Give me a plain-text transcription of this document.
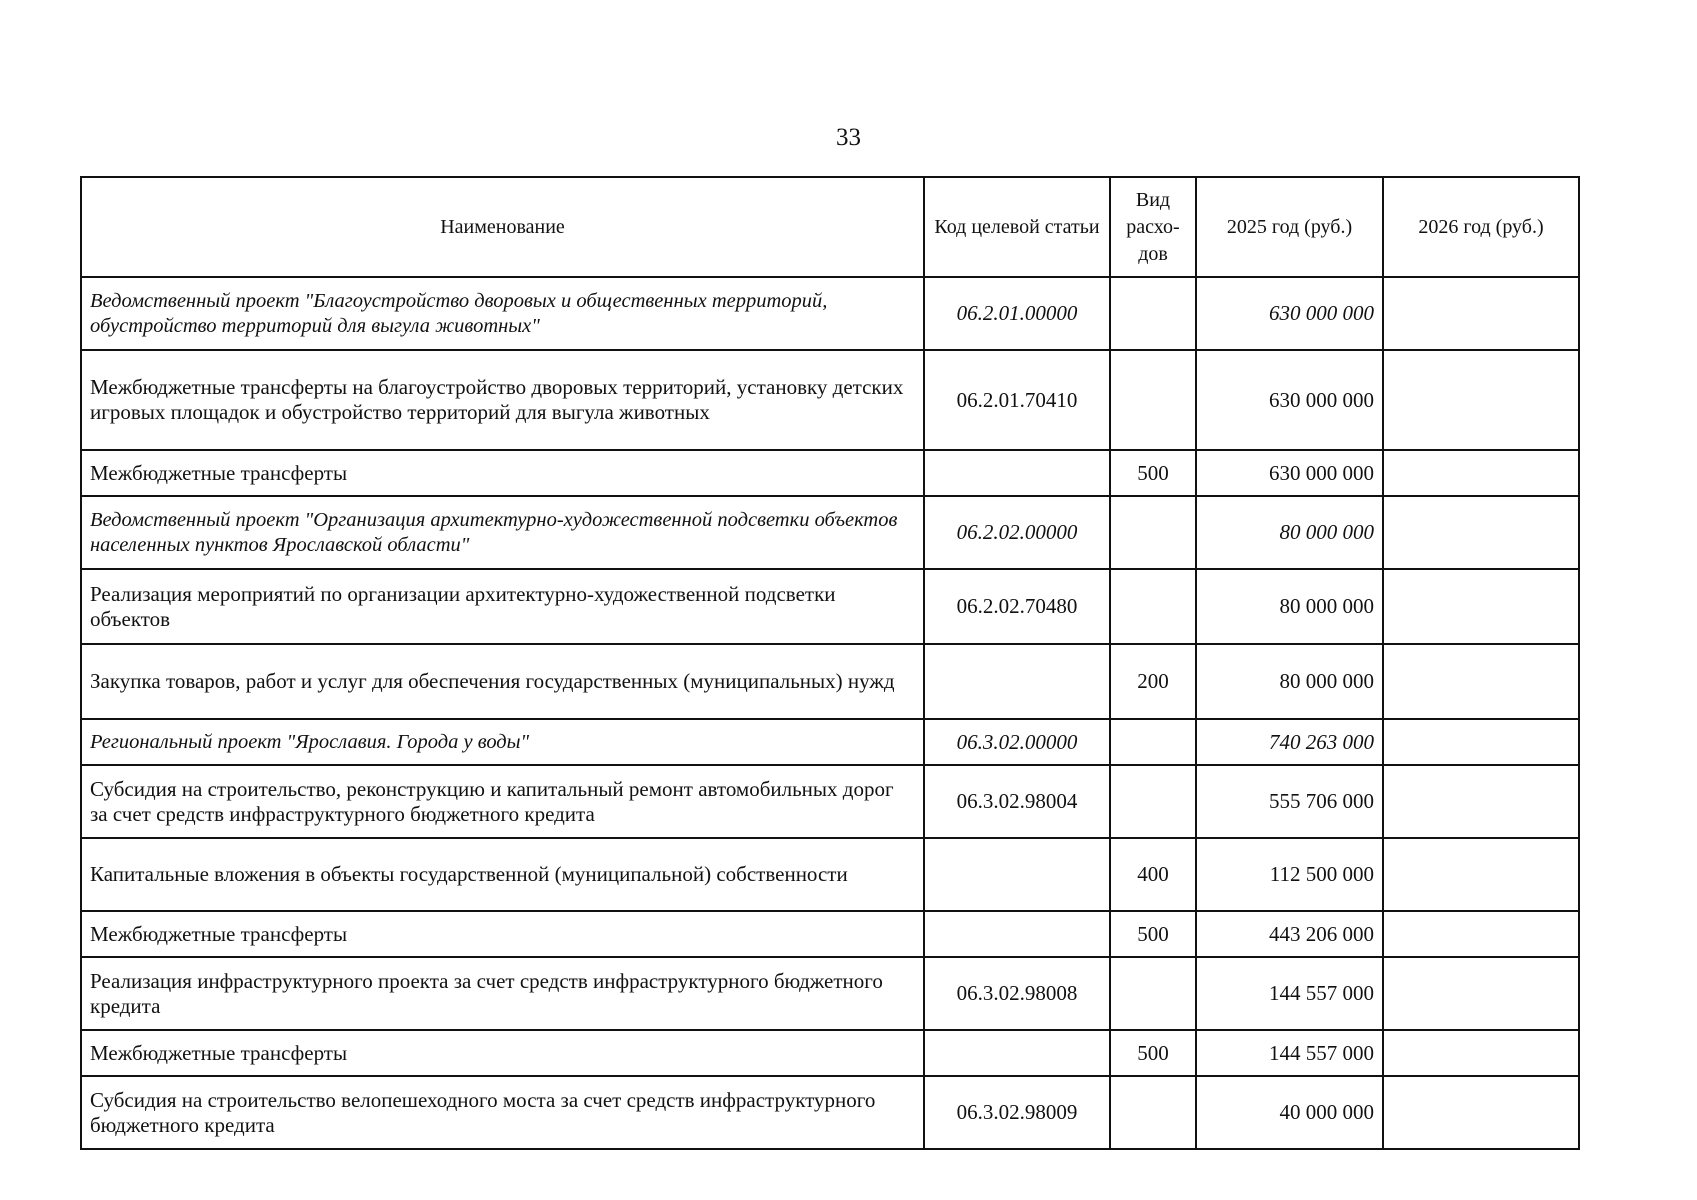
33
Наименование	Код целевой статьи	Вид расхо-дов	2025 год (руб.)	2026 год (руб.)
Ведомственный проект "Благоустройство дворовых и общественных территорий, обустройство территорий для выгула животных"	06.2.01.00000		630 000 000	
Межбюджетные трансферты на благоустройство дворовых территорий, установку детских игровых площадок и обустройство территорий для выгула животных	06.2.01.70410		630 000 000	
Межбюджетные трансферты		500	630 000 000	
Ведомственный проект "Организация архитектурно-художественной подсветки объектов населенных пунктов Ярославской области"	06.2.02.00000		80 000 000	
Реализация мероприятий по организации архитектурно-художественной подсветки объектов	06.2.02.70480		80 000 000	
Закупка товаров, работ и услуг для обеспечения государственных (муниципальных) нужд		200	80 000 000	
Региональный проект "Ярославия. Города у воды"	06.3.02.00000		740 263 000	
Субсидия на строительство, реконструкцию и капитальный ремонт автомобильных дорог за счет средств инфраструктурного бюджетного кредита	06.3.02.98004		555 706 000	
Капитальные вложения в объекты государственной (муниципальной) собственности		400	112 500 000	
Межбюджетные трансферты		500	443 206 000	
Реализация инфраструктурного проекта за счет средств инфраструктурного бюджетного кредита	06.3.02.98008		144 557 000	
Межбюджетные трансферты		500	144 557 000	
Субсидия на строительство велопешеходного моста за счет средств инфраструктурного бюджетного кредита	06.3.02.98009		40 000 000	
